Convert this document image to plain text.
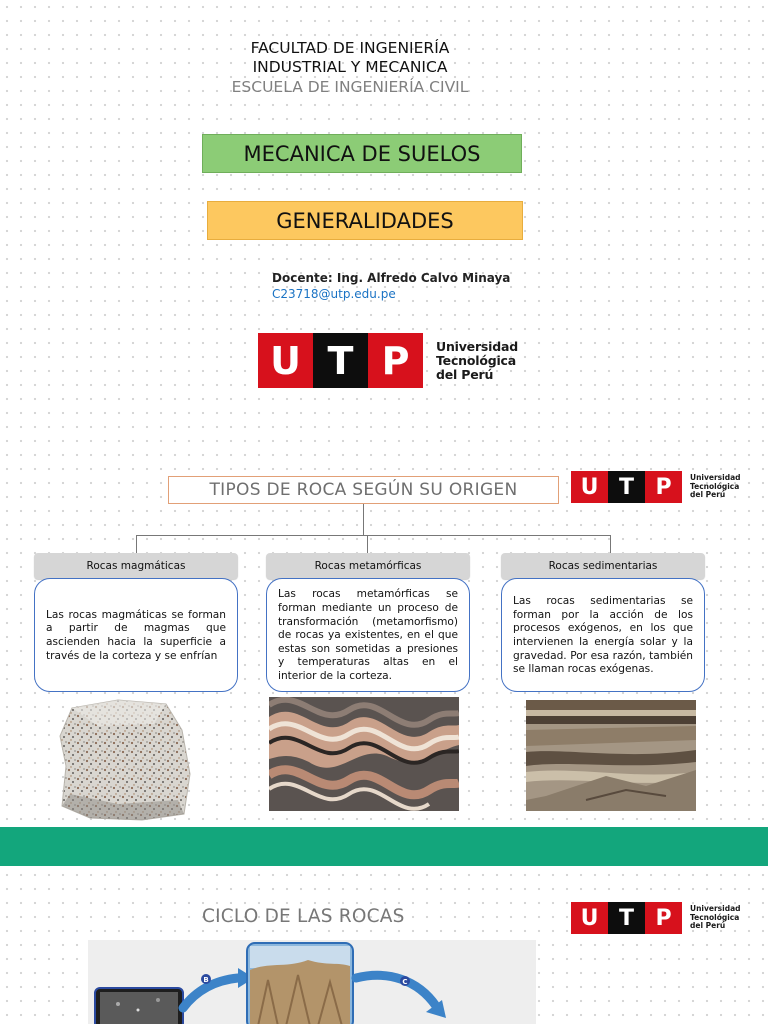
FACULTAD DE INGENIERÍA
INDUSTRIAL Y MECANICA
ESCUELA DE INGENIERÍA CIVIL
MECANICA DE SUELOS
GENERALIDADES
Docente: Ing. Alfredo Calvo Minaya
C23718@utp.edu.pe
U T P	Universidad
Tecnológica
del Perú
TIPOS DE ROCA SEGÚN SU ORIGEN	U T P	Universidad
Tecnológica
del Perú
Rocas magmáticas
Las rocas magmáticas se forman a partir de magmas que ascienden hacia la superficie a través de la corteza y se enfrían
Rocas metamórficas
Las rocas metamórficas se forman mediante un proceso de transformación (metamorfismo) de rocas ya existentes, en el que estas son sometidas a presiones y temperaturas altas en el interior de la corteza.
Rocas sedimentarias
Las rocas sedimentarias se forman por la acción de los procesos exógenos, en los que intervienen la energía solar y la gravedad. Por esa razón, también se llaman rocas exógenas.
CICLO DE LAS ROCAS	U T P	Universidad
Tecnológica
del Perú
B	C
